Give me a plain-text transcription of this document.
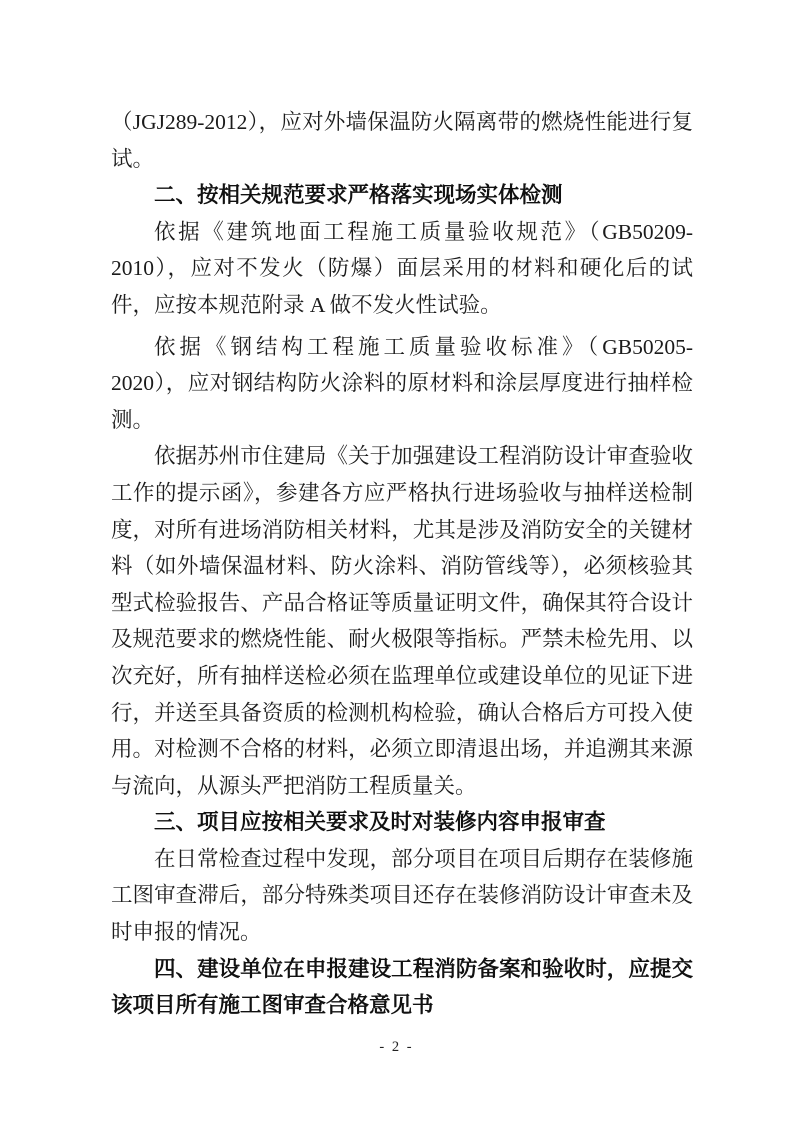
（JGJ289-2012），应对外墙保温防火隔离带的燃烧性能进行复试。

二、按相关规范要求严格落实现场实体检测

依据《建筑地面工程施工质量验收规范》（GB50209-2010），应对不发火（防爆）面层采用的材料和硬化后的试件，应按本规范附录 A 做不发火性试验。

依据《钢结构工程施工质量验收标准》（GB50205-2020），应对钢结构防火涂料的原材料和涂层厚度进行抽样检测。

依据苏州市住建局《关于加强建设工程消防设计审查验收工作的提示函》，参建各方应严格执行进场验收与抽样送检制度，对所有进场消防相关材料，尤其是涉及消防安全的关键材料（如外墙保温材料、防火涂料、消防管线等），必须核验其型式检验报告、产品合格证等质量证明文件，确保其符合设计及规范要求的燃烧性能、耐火极限等指标。严禁未检先用、以次充好，所有抽样送检必须在监理单位或建设单位的见证下进行，并送至具备资质的检测机构检验，确认合格后方可投入使用。对检测不合格的材料，必须立即清退出场，并追溯其来源与流向，从源头严把消防工程质量关。

三、项目应按相关要求及时对装修内容申报审查

在日常检查过程中发现，部分项目在项目后期存在装修施工图审查滞后，部分特殊类项目还存在装修消防设计审查未及时申报的情况。

四、建设单位在申报建设工程消防备案和验收时，应提交该项目所有施工图审查合格意见书

- 2 -
